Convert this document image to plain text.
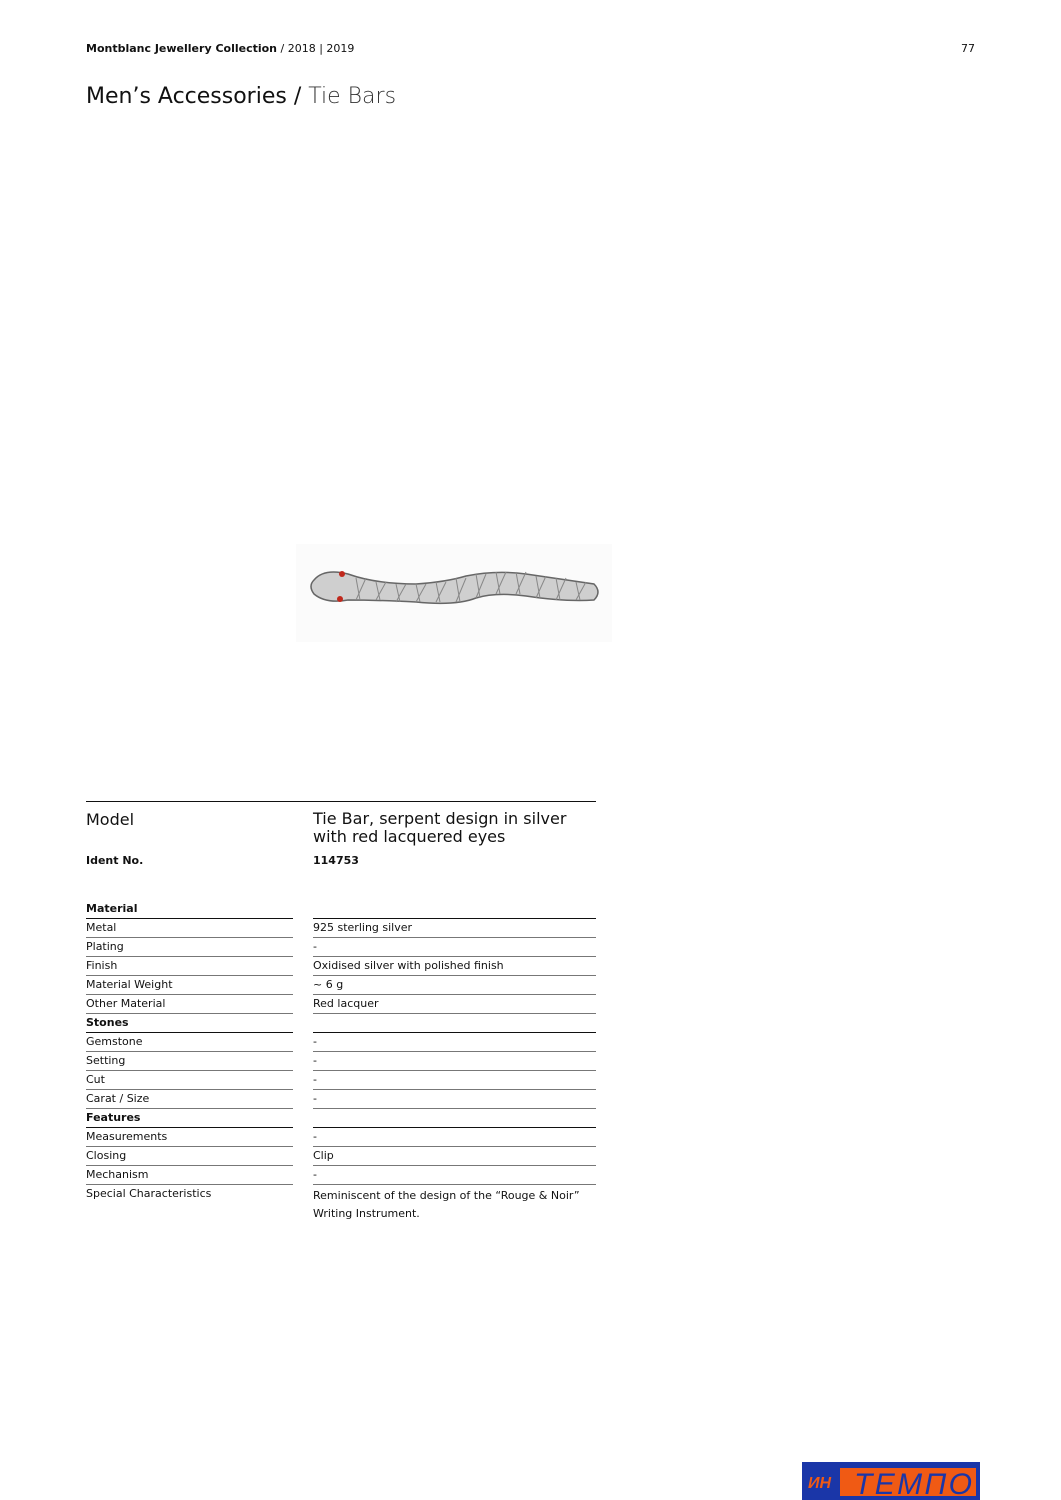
Montblanc Jewellery Collection / 2018 | 2019	77
Men’s Accessories / Tie Bars
Model	Tie Bar, serpent design in silver with red lacquered eyes
Ident No.	114753
Material
Metal	925 sterling silver
Plating	-
Finish	Oxidised silver with polished finish
Material Weight	~ 6 g
Other Material	Red lacquer
Stones
Gemstone	-
Setting	-
Cut	-
Carat / Size	-
Features
Measurements	-
Closing	Clip
Mechanism	-
Special Characteristics	Reminiscent of the design of the “Rouge & Noir” Writing Instrument.
ИН ТЕМПО
